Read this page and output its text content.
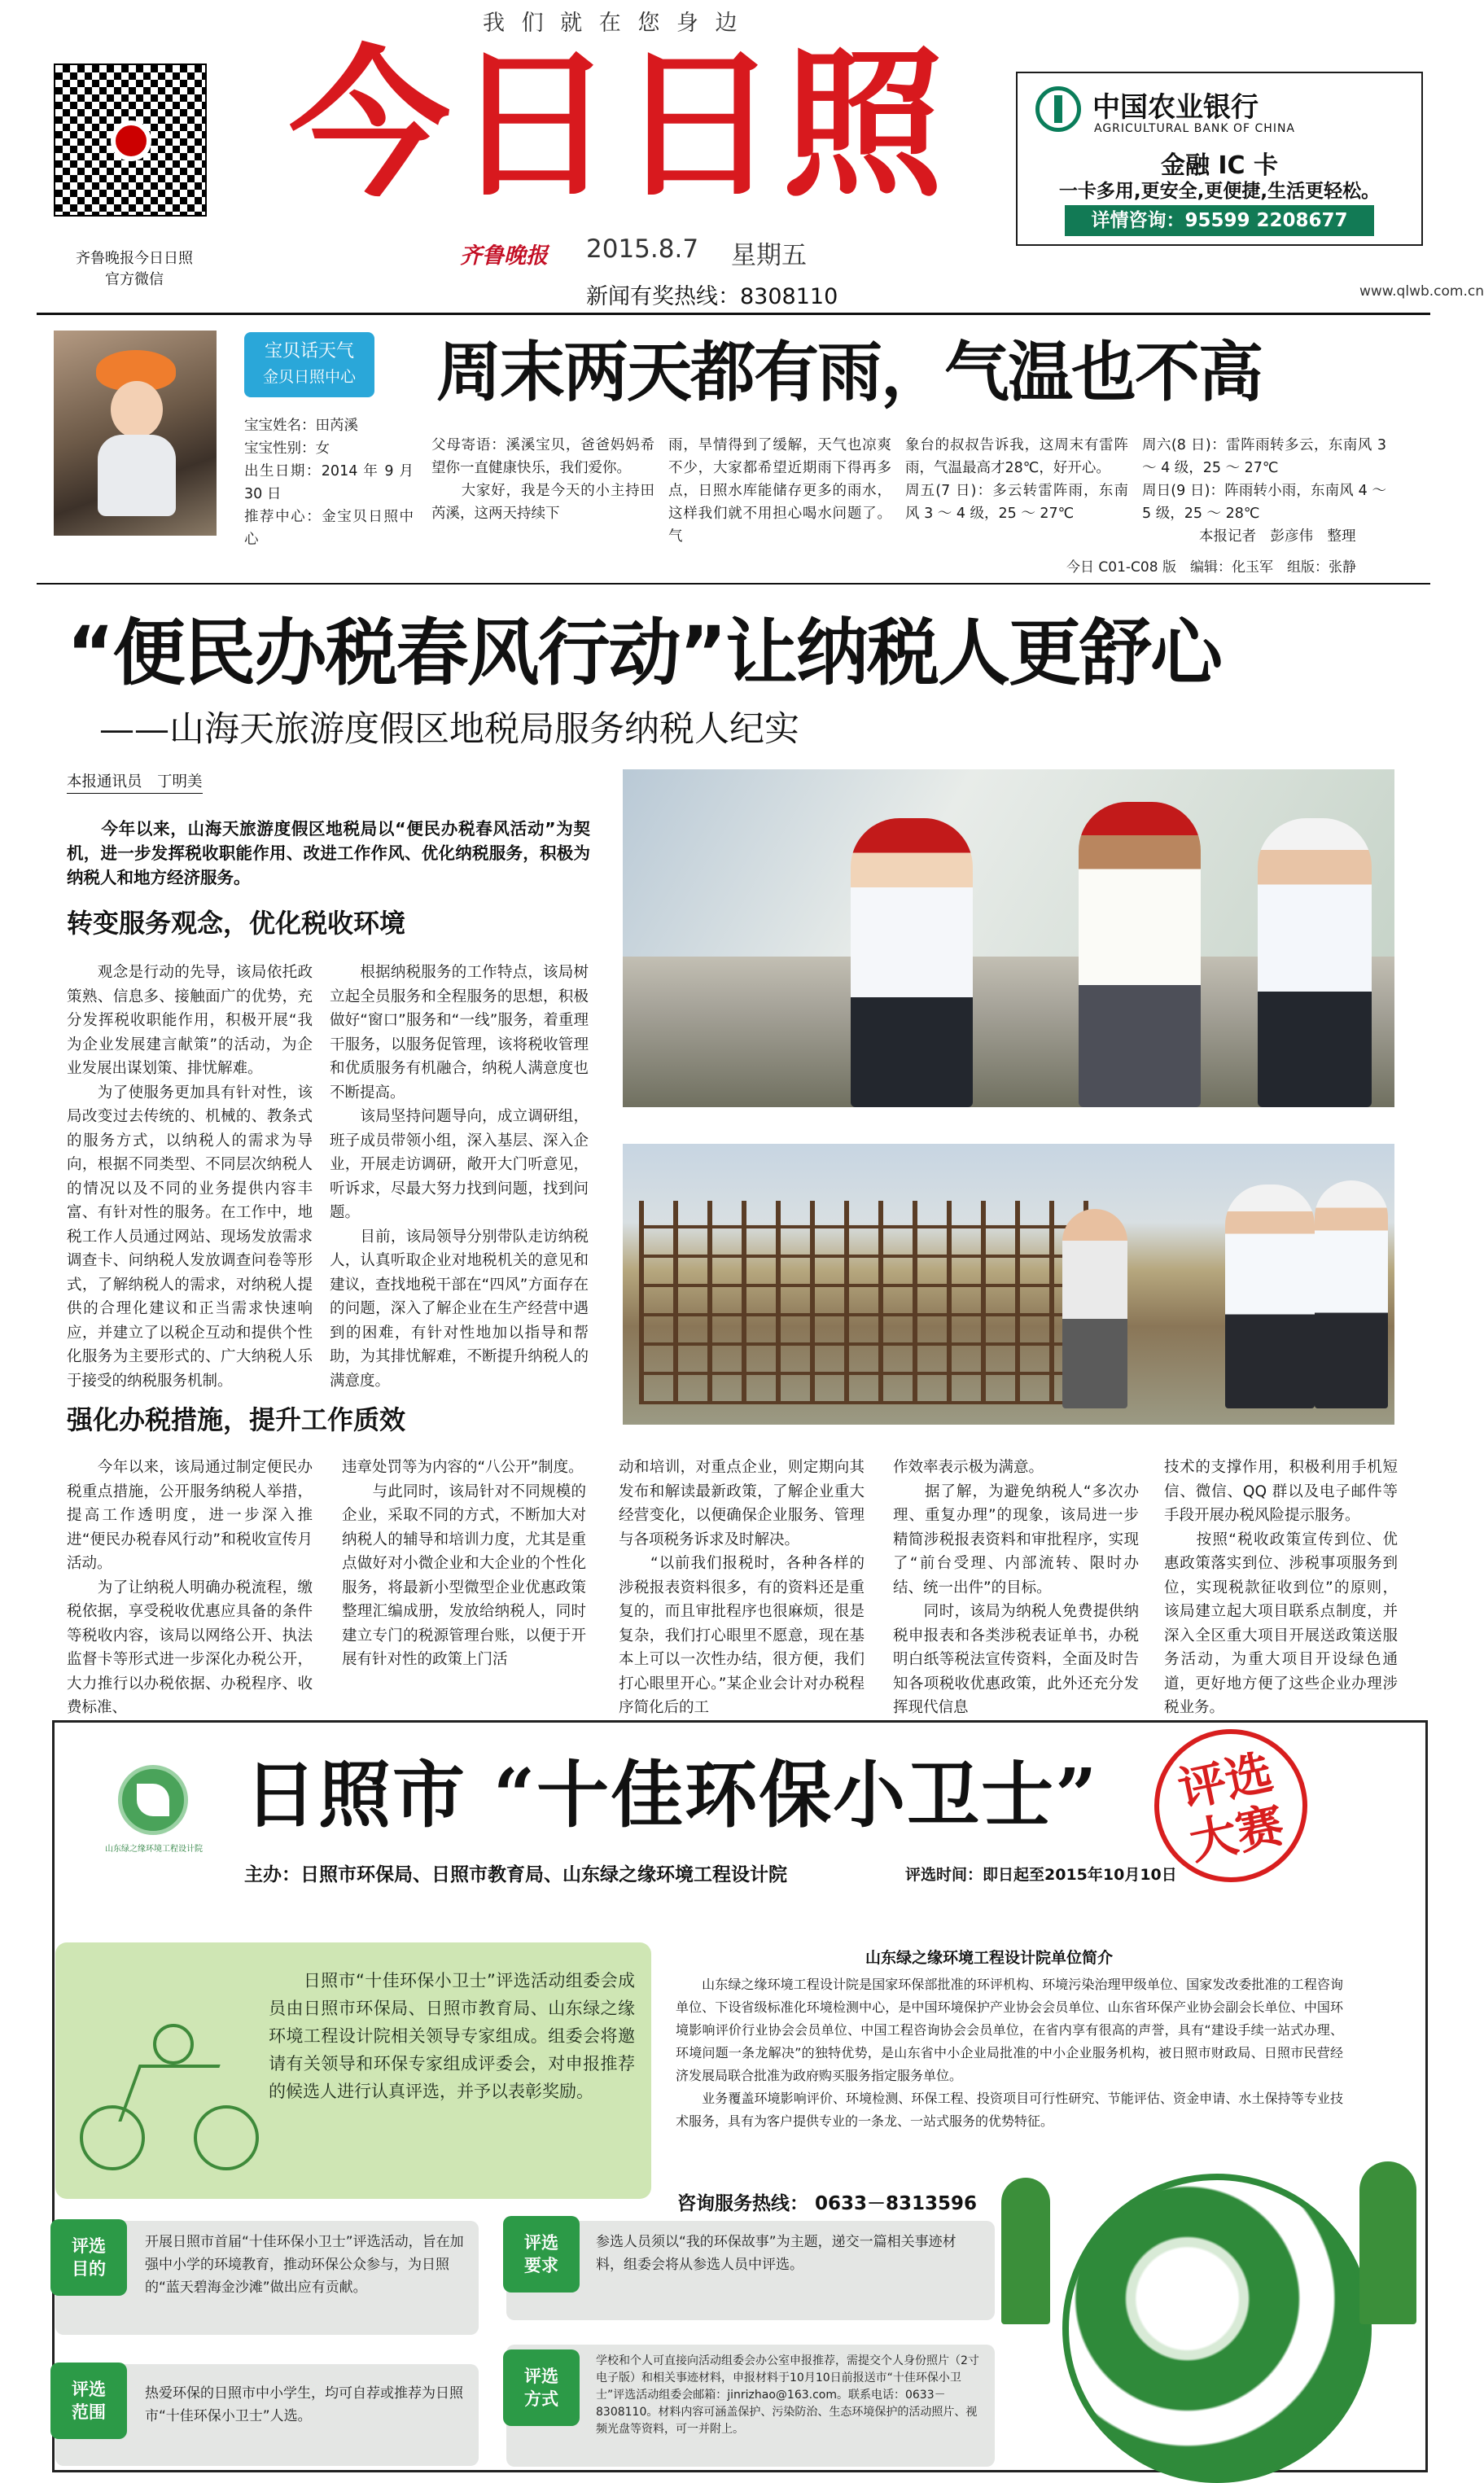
我 们 就 在 您 身 边
齐鲁晚报今日日照
官方微信
今日日照
齐鲁晚报 2015.8.7 星期五
新闻有奖热线：8308110	www.qlwb.com.cn
中国农业银行
AGRICULTURAL BANK OF CHINA
金融 IC 卡
一卡多用,更安全,更便捷,生活更轻松。
详情咨询：95599 2208677
宝贝话天气
金贝日照中心 周末两天都有雨，气温也不高
宝宝姓名：田芮溪
宝宝性别：女
出生日期：2014 年 9 月 30 日
推荐中心：金宝贝日照中心
父母寄语：溪溪宝贝，爸爸妈妈希望你一直健康快乐，我们爱你。
　　大家好，我是今天的小主持田芮溪，这两天持续下
雨，旱情得到了缓解，天气也凉爽不少，大家都希望近期雨下得再多点，日照水库能储存更多的雨水，这样我们就不用担心喝水问题了。气
象台的叔叔告诉我，这周末有雷阵雨，气温最高才28℃，好开心。
周五(7 日)：多云转雷阵雨，东南风 3 ～ 4 级，25 ～ 27℃
周六(8 日)：雷阵雨转多云，东南风 3 ～ 4 级，25 ～ 27℃
周日(9 日)：阵雨转小雨，东南风 4 ～ 5 级，25 ～ 28℃
　　　　本报记者　彭彦伟　整理
今日 C01-C08 版　编辑：化玉军　组版：张静
“便民办税春风行动”让纳税人更舒心
——山海天旅游度假区地税局服务纳税人纪实
本报通讯员　丁明美
　　今年以来，山海天旅游度假区地税局以“便民办税春风活动”为契机，进一步发挥税收职能作用、改进工作作风、优化纳税服务，积极为纳税人和地方经济服务。
转变服务观念，优化税收环境
　　观念是行动的先导，该局依托政策熟、信息多、接触面广的优势，充分发挥税收职能作用，积极开展“我为企业发展建言献策”的活动，为企业发展出谋划策、排忧解难。
　　为了使服务更加具有针对性，该局改变过去传统的、机械的、教条式的服务方式，以纳税人的需求为导向，根据不同类型、不同层次纳税人的情况以及不同的业务提供内容丰富、有针对性的服务。在工作中，地税工作人员通过网站、现场发放需求调查卡、问纳税人发放调查问卷等形式，了解纳税人的需求，对纳税人提供的合理化建议和正当需求快速响应，并建立了以税企互动和提供个性化服务为主要形式的、广大纳税人乐于接受的纳税服务机制。
　　根据纳税服务的工作特点，该局树立起全员服务和全程服务的思想，积极做好“窗口”服务和“一线”服务，着重理干服务，以服务促管理，该将税收管理和优质服务有机融合，纳税人满意度也不断提高。
　　该局坚持问题导向，成立调研组，班子成员带领小组，深入基层、深入企业，开展走访调研，敞开大门听意见，听诉求，尽最大努力找到问题，找到问题。
　　目前，该局领导分别带队走访纳税人，认真听取企业对地税机关的意见和建议，查找地税干部在“四风”方面存在的问题，深入了解企业在生产经营中遇到的困难，有针对性地加以指导和帮助，为其排忧解难，不断提升纳税人的满意度。
强化办税措施，提升工作质效
　　今年以来，该局通过制定便民办税重点措施，公开服务纳税人举措，提高工作透明度，进一步深入推进“便民办税春风行动”和税收宣传月活动。
　　为了让纳税人明确办税流程，缴税依据，享受税收优惠应具备的条件等税收内容，该局以网络公开、执法监督卡等形式进一步深化办税公开，大力推行以办税依据、办税程序、收费标准、
违章处罚等为内容的“八公开”制度。
　　与此同时，该局针对不同规模的企业，采取不同的方式，不断加大对纳税人的辅导和培训力度，尤其是重点做好对小微企业和大企业的个性化服务，将最新小型微型企业优惠政策整理汇编成册，发放给纳税人，同时建立专门的税源管理台账，以便于开展有针对性的政策上门活
动和培训，对重点企业，则定期向其发布和解读最新政策，了解企业重大经营变化，以便确保企业服务、管理与各项税务诉求及时解决。
　　“以前我们报税时，各种各样的涉税报表资料很多，有的资料还是重复的，而且审批程序也很麻烦，很是复杂，我们打心眼里不愿意，现在基本上可以一次性办结，很方便，我们打心眼里开心。”某企业会计对办税程序简化后的工
作效率表示极为满意。
　　据了解，为避免纳税人“多次办理、重复办理”的现象，该局进一步精简涉税报表资料和审批程序，实现了“前台受理、内部流转、限时办结、统一出件”的目标。
　　同时，该局为纳税人免费提供纳税申报表和各类涉税表证单书，办税明白纸等税法宣传资料，全面及时告知各项税收优惠政策，此外还充分发挥现代信息
技术的支撑作用，积极利用手机短信、微信、QQ 群以及电子邮件等手段开展办税风险提示服务。
　　按照“税收政策宣传到位、优惠政策落实到位、涉税事项服务到位，实现税款征收到位”的原则，该局建立起大项目联系点制度，并深入全区重大项目开展送政策送服务活动，为重大项目开设绿色通道，更好地方便了这些企业办理涉税业务。
山东绿之缘环境工程设计院
日照市 “十佳环保小卫士” 评选大赛
主办：日照市环保局、日照市教育局、山东绿之缘环境工程设计院	评选时间：即日起至2015年10月10日
　　日照市“十佳环保小卫士”评选活动组委会成员由日照市环保局、日照市教育局、山东绿之缘环境工程设计院相关领导专家组成。组委会将邀请有关领导和环保专家组成评委会，对申报推荐的候选人进行认真评选，并予以表彰奖励。
山东绿之缘环境工程设计院单位简介
　　山东绿之缘环境工程设计院是国家环保部批准的环评机构、环境污染治理甲级单位、国家发改委批准的工程咨询单位、下设省级标准化环境检测中心，是中国环境保护产业协会会员单位、山东省环保产业协会副会长单位、中国环境影响评价行业协会会员单位、中国工程咨询协会会员单位，在省内享有很高的声誉，具有“建设手续一站式办理、环境问题一条龙解决”的独特优势，是山东省中小企业局批准的中小企业服务机构，被日照市财政局、日照市民营经济发展局联合批准为政府购买服务指定服务单位。
　　业务覆盖环境影响评价、环境检测、环保工程、投资项目可行性研究、节能评估、资金申请、水土保持等专业技术服务，具有为客户提供专业的一条龙、一站式服务的优势特征。
咨询服务热线： 0633－8313596
开展日照市首届“十佳环保小卫士”评选活动，旨在加强中小学的环境教育，推动环保公众参与，为日照的“蓝天碧海金沙滩”做出应有贡献。
评选
目的
热爱环保的日照市中小学生，均可自荐或推荐为日照市“十佳环保小卫士”人选。
评选
范围
参选人员须以“我的环保故事”为主题，递交一篇相关事迹材料，组委会将从参选人员中评选。
评选
要求
学校和个人可直接向活动组委会办公室申报推荐，需提交个人身份照片（2寸电子版）和相关事迹材料，申报材料于10月10日前报送市“十佳环保小卫士”评选活动组委会邮箱：jinrizhao@163.com。联系电话：0633－8308110。材料内容可涵盖保护、污染防治、生态环境保护的活动照片、视频光盘等资料，可一并附上。
评选
方式
